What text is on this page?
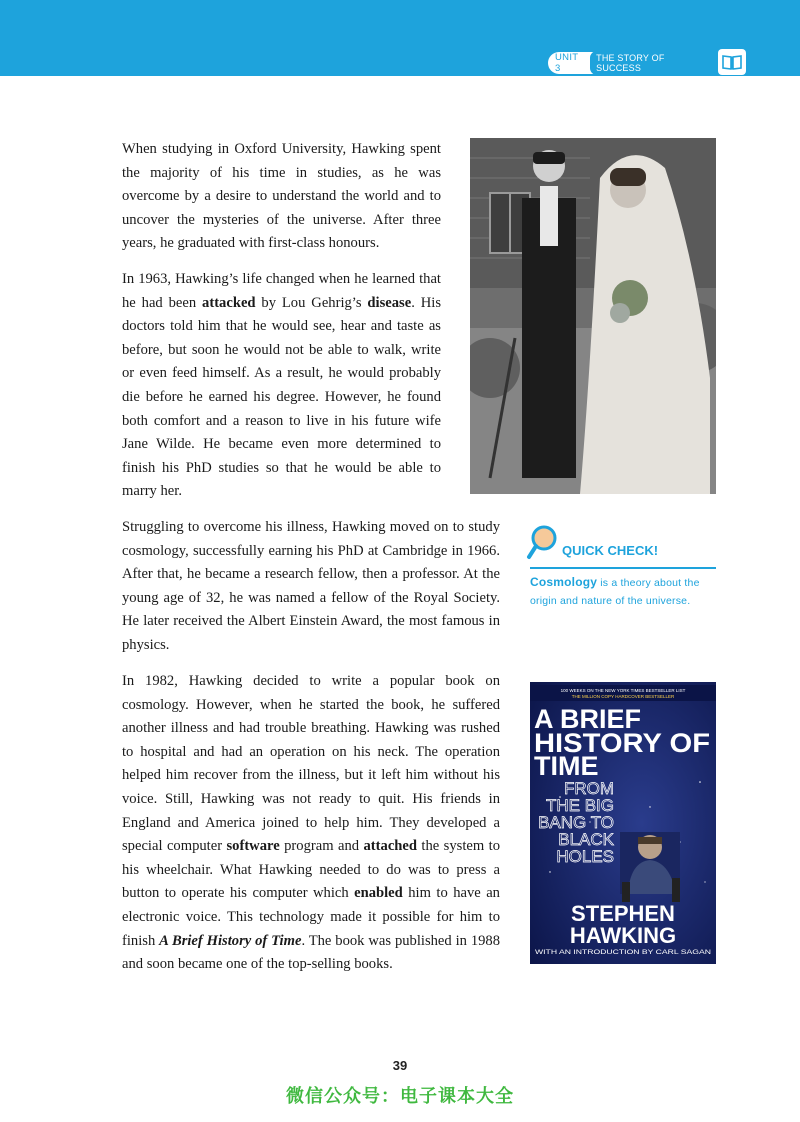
UNIT 3
THE STORY OF SUCCESS

When studying in Oxford University, Hawking spent the majority of his time in studies, as he was overcome by a desire to understand the world and to uncover the mysteries of the universe. After three years, he graduated with first-class honours.

In 1963, Hawking’s life changed when he learned that he had been attacked by Lou Gehrig’s disease. His doctors told him that he would see, hear and taste as before, but soon he would not be able to walk, write or even feed himself. As a result, he would probably die before he earned his degree. However, he found both comfort and a reason to live in his future wife Jane Wilde. He became even more determined to finish his PhD studies so that he would be able to marry her.

Struggling to overcome his illness, Hawking moved on to study cosmology, successfully earning his PhD at Cambridge in 1966. After that, he became a research fellow, then a professor. At the young age of 32, he was named a fellow of the Royal Society. He later received the Albert Einstein Award, the most famous in physics.

QUICK CHECK!
Cosmology is a theory about the origin and nature of the universe.

In 1982, Hawking decided to write a popular book on cosmology. However, when he started the book, he suffered another illness and had trouble breathing. Hawking was rushed to hospital and had an operation on his neck. The operation helped him recover from the illness, but it left him without his voice. Still, Hawking was not ready to quit. His friends in England and America joined to help him. They developed a special computer software program and attached the system to his wheelchair. What Hawking needed to do was to press a button to operate his computer which enabled him to have an electronic voice. This technology made it possible for him to finish A Brief History of Time. The book was published in 1988 and soon became one of the top-selling books.

100 WEEKS ON THE NEW YORK TIMES BESTSELLER LIST
THE MILLION COPY HARDCOVER BESTSELLER
A BRIEF
HISTORY OF
TIME
FROM
THE BIG
BANG TO
BLACK
HOLES
STEPHEN
HAWKING
WITH AN INTRODUCTION BY CARL SAGAN
39
微信公众号：电子课本大全
